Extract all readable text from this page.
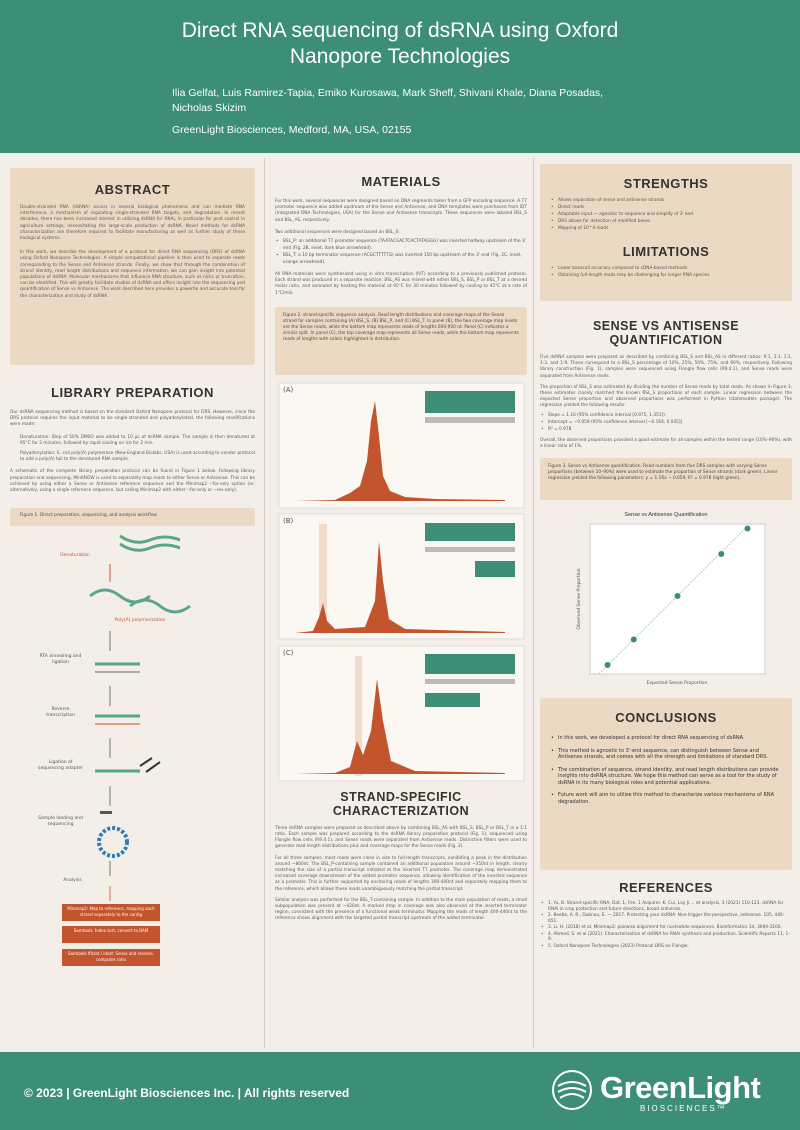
Direct RNA sequencing of dsRNA using Oxford Nanopore Technologies
Ilia Gelfat, Luis Ramirez-Tapia, Emiko Kurosawa, Mark Sheff, Shivani Khale, Diana Posadas, Nicholas Skizim
GreenLight Biosciences, Medford, MA, USA, 02155
ABSTRACT

Double-stranded RNA (dsRNA) occurs in several biological phenomena and can mediate RNA interference, a mechanism of regulating single-stranded RNA targets, and degradation. In recent decades, there has been increased interest in utilizing dsRNA for RNAi, in particular for pest control in agriculture settings, necessitating the large-scale production of dsRNA. Novel methods for dsRNA characterization are therefore required to facilitate manufacturing as well as further study of these biological systems.

In this work, we describe the development of a protocol for direct RNA sequencing (DRS) of dsRNA using Oxford Nanopore Technologies. A simple computational pipeline is then used to separate reads corresponding to the Sense and Antisense strands. Finally, we show that through the combination of strand identity, read length distributions and sequence information, we can gain insight into potential populations of dsRNA. Molecular mechanisms that influence RNA structure, such as nicks or truncation, can be identified. This will greatly facilitate studies of dsRNA and offers insight into the sequencing and quantification of Sense vs Antisense. The work described here provides a powerful and accurate tool for the characterization and study of dsRNA.

LIBRARY PREPARATION

Our dsRNA sequencing method is based on the standard Oxford Nanopore protocol for DRS. However, since the DRS protocol requires the input material to be single-stranded and polyadenylated, the following modifications were made:

Denaturation: Step of 50% DMSO was added to 10 µL of dsRNA sample. The sample is then denatured at 95°C for 3 minutes, followed by rapid cooling on ice for 2 min.

Polyadenylation: E. coli poly(A) polymerase (New England Biolabs, USA) is used according to vendor protocol to add a poly(A) tail to the denatured RNA sample.

A schematic of the complete library preparation protocol can be found in Figure 1 below. Following library preparation and sequencing, MinKNOW is used to separately map reads to either Sense or Antisense. This can be achieved by using either a Sense or Antisense reference sequence and the Minimap2 --for-only option (or, alternatively, using a single reference sequence, but calling Minimap2 with either --for-only or --rev-only).

Figure 1. Direct preparation, sequencing, and analysis workflow
Denaturation
Poly(A) polymerization
RTA annealing and ligation
Reverse transcription
Ligation of sequencing adapter
Sample loading and sequencing
Analysis
Minimap2: Map to reference, mapping each strand separately to the contig
Samtools: Index sort, convert to BAM
Samtools fflstat / idxst: Sense and reverse, computes ratio
MATERIALS

For this work, several sequences were designed based on DNA segments taken from a GFP encoding sequence. A T7 promoter sequence was added upstream of the Sense and Antisense, and DNA templates were purchased from IDT (Integrated DNA Technologies, USA) for the Sense and Antisense transcripts. These sequences were labeled BSL_S and BSL_AS, respectively.

Two additional sequences were designed based on BSL_S:

• BSL_P: an additional T7 promoter sequence (TAATACGACTCACTATAGGG) was inserted halfway upstream of the 3' end (Fig. 2B, inset, dark blue arrowhead).
• BSL_T: a 10 bp terminator sequence (ACGCTTTTTG) was inserted 150 bp upstream of the 3' end (Fig. 2C, inset, orange arrowhead).

All RNA materials were synthesized using in vitro transcription (IVT) according to a previously published protocol. Each strand was produced in a separate reaction. BSL_AS was mixed with either BSL_S, BSL_P or BSL_T at a desired molar ratio, and annealed by heating the material at 95°C for 30 minutes followed by cooling to 45°C at a rate of 1°C/min.

Figure 2. strand-specific sequence analysis. Read length distributions and coverage maps of the Sense strand for samples containing (A) BSL_S, (B) BSL_P, and (C) BSL_T. In panel (B), the two coverage map insets are the Sense reads, while the bottom map represents reads of lengths 600-900 nt. Panel (C) indicates a similar split. In panel (C), the top coverage map represents all Sense reads, while the bottom map represents reads of lengths with colors highlighted in distribution.
(A)
(B)
(C)
STRAND-SPECIFIC CHARACTERIZATION

Three dsRNA samples were prepared as described above by combining BSL_AS with BSL_S, BSL_P or BSL_T in a 1:1 ratio. Each sample was prepared according to the dsRNA library preparation protocol (Fig. 1), sequenced using Flongle flow cells (R9.4.1), and Sense reads were separated from Antisense reads. Distinctive filters were used to generate read length distributions plus and coverage maps for the Sense reads (Fig. 2).

For all three samples, most reads were close in size to full-length transcripts, exhibiting a peak in the distribution around ~800nt. The BSL_P-containing sample contained an additional population around ~350nt in length, clearly matching the size of a partial transcript initiated at the inserted T7 promoter. The coverage map demonstrated increased coverage downstream of the added promoter sequence, allowing identification of the inserted sequence as a promoter. This is further supported by anchoring reads of lengths 300-400nt and separately mapping them to the reference, which allows these reads unambiguously matching the partial transcript.

Similar analysis was performed for the BSL_T-containing sample. In addition to the main population of reads, a small subpopulation was present at ~420nt. A marked drop in coverage was also observed at the inserted terminator region, consistent with the presence of a functional weak terminator. Mapping the reads of length 400-440nt to the reference shows alignment with the targeted partial transcript upstream of the added terminator.

STRENGTHS
• Allows separation of sense and antisense strands
• Direct reads
• Adaptable input — agnostic to sequence and simplify of 3' end
• DRS allows for detection of modified bases
• Mapping of 10^4 reads
LIMITATIONS
• Lower basecall accuracy compared to cDNA-based methods
• Obtaining full-length reads may be challenging for longer RNA species
SENSE VS ANTISENSE QUANTIFICATION

Five dsRNA samples were prepared as described by combining BSL_S and BSL_AS in different ratios: 9:1, 3:1, 1:1, 1:3, and 1:9. These correspond to a BSL_S percentage of 10%, 25%, 50%, 75%, and 90%, respectively. Following library construction (Fig. 1), samples were sequenced using Flongle flow cells (R9.4.1), and Sense reads were separated from Antisense reads.

The proportion of BSL_S was estimated by dividing the number of Sense reads by total reads. As shown in Figure 3, these estimates closely matched the known BSL_S proportions of each sample. Linear regression between the expected Sense proportion and observed proportions was performed in Python (statsmodels package). The regression yielded the following results:

• Slope = 1.16 (95% confidence interval [0.975, 1.351])
• Intercept = −0.059 (95% confidence interval [−0.164, 0.045])
• R² = 0.978

Overall, the observed proportions provided a good estimate for all samples within the tested range (10%–90%), with a linear ratio of 1%.

Figure 3. Sense vs Antisense quantification. Read numbers from five DRS samples with varying Sense proportions (between 10–90%) were used to estimate the proportion of Sense strands (dark green). Linear regression yielded the following parameters: y = 1.16x − 0.059, R² = 0.978 (light green).
Sense vs Antisense Quantification
Expected Sense Proportion
Observed Sense Proportion
CONCLUSIONS
• In this work, we developed a protocol for direct RNA sequencing of dsRNA.
• This method is agnostic to 3'-end sequence, can distinguish between Sense and Antisense strands, and comes with all the strength and limitations of standard DRS.
• The combination of sequence, strand identity, and read length distributions can provide insights into dsRNA structure. We hope this method can serve as a tool for the study of dsRNA in its many biological roles and potential applications.
• Future work will aim to utilize this method to characterize various mechanisms of RNA degradation.
REFERENCES
• 1. Yu, B. Strand-specific RNA, Dat. 1, Fee. 1 Acquirer. K. Cui, Lay Ji.... et analysis, 3 (2021) 110-123. dsRNA for RNAi in crop protection and future directions, broad antivirals.
• 2. Beebe, A. R., Dubnau, E. — 2017. Protecting your dsRNA: Non-trigger the perspective, antisense. 105, 440-651.
• 3. Li, H. (2018) et al. Minimap2: pairwise alignment for nucleotide sequences. Bioinformatics 34, 3094-3100.
• 4. Ahmed, S. et al (2021). Characterisation of dsRNA for RNAi synthesis and production. Scientific Reports 11, 1-9.
• 5. Oxford Nanopore Technologies (2023) Protocol DRS on Flongle.
© 2023 | GreenLight Biosciences Inc. | All rights reserved	GreenLight
BIOSCIENCES™
